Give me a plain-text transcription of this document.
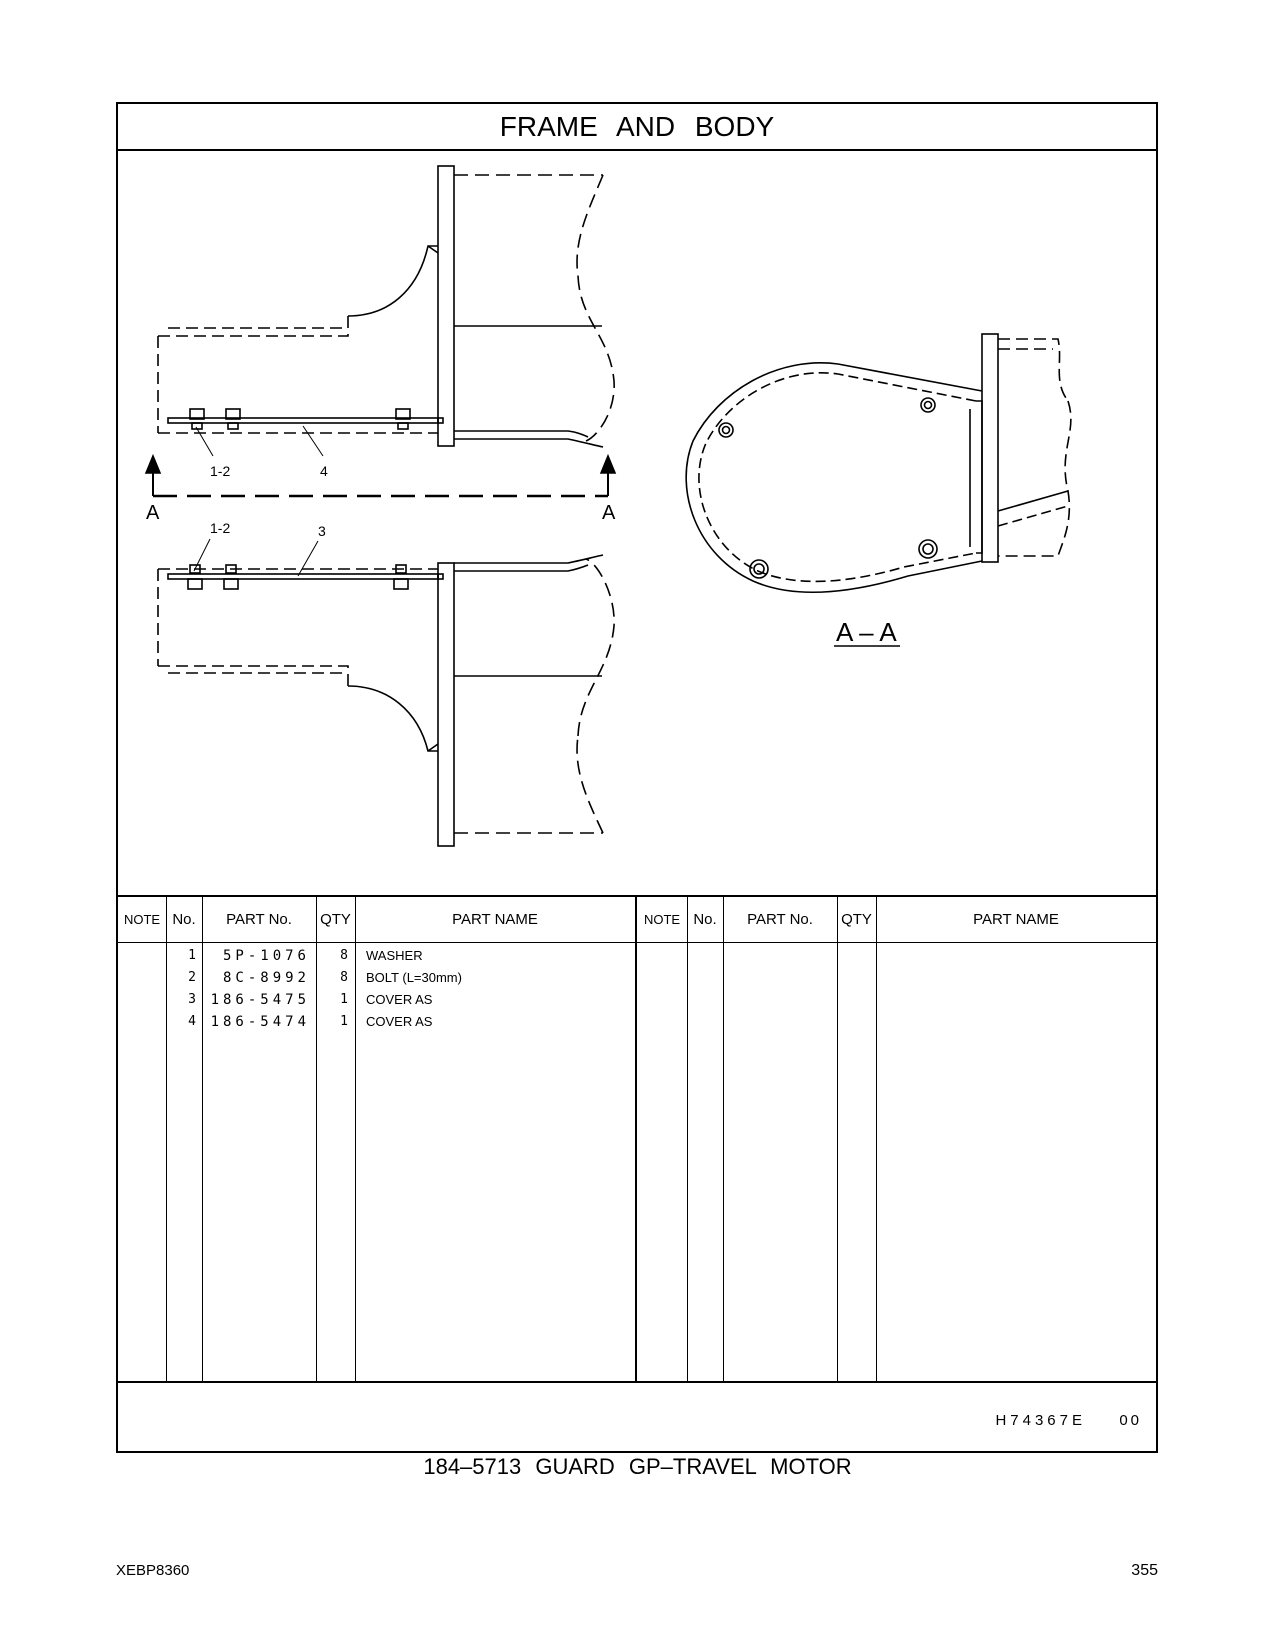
FRAME AND BODY
1-2	4
A	A
1-2	3
A – A
NOTE No.	PART No.	QTY	PART NAME	NOTE No.	PART No.	QTY	PART NAME
1	5P-1076	8 WASHER
2	8C-8992	8 BOLT (L=30mm)
3	186-5475	1 COVER AS
4	186-5474	1 COVER AS
H74367E 00
184–5713 GUARD GP–TRAVEL MOTOR
XEBP8360	355
